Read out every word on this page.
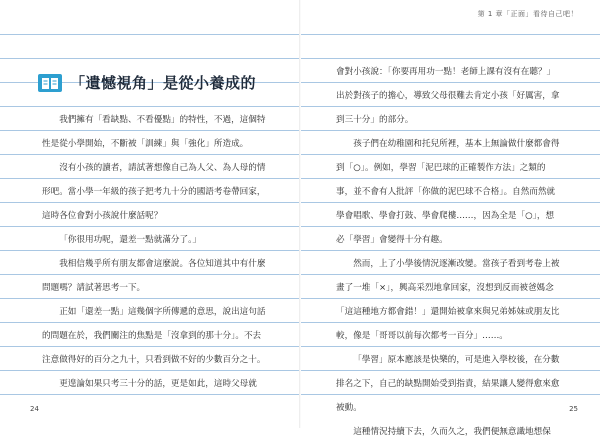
第 1 章「正面」看待自己吧！
「遺憾視角」是從小養成的

我們擁有「看缺點、不看優點」的特性，不過，這個特性是從小學開始，不斷被「訓練」與「強化」所造成。

沒有小孩的讀者，請試著想像自己為人父、為人母的情形吧。當小學一年級的孩子把考九十分的國語考卷帶回家，這時各位會對小孩說什麼話呢？

「你很用功呢，還差一點就滿分了。」

我相信幾乎所有朋友都會這麼說。各位知道其中有什麼問題嗎？請試著思考一下。

正如「還差一點」這幾個字所傳遞的意思，說出這句話的問題在於，我們關注的焦點是「沒拿到的那十分」。不去注意做得好的百分之九十，只看到做不好的少數百分之十。

更遑論如果只考三十分的話，更是如此，這時父母就

會對小孩說：「你要再用功一點！老師上課有沒有在聽？」出於對孩子的擔心，導致父母很難去肯定小孩「好厲害，拿到三十分」的部分。

孩子們在幼稚園和托兒所裡，基本上無論做什麼都會得到「○」。例如，學習「泥巴球的正確製作方法」之類的事，並不會有人批評「你做的泥巴球不合格」。自然而然就學會唱歌、學會打鼓、學會爬樓……，因為全是「○」，想必「學習」會變得十分有趣。

然而，上了小學後情況逐漸改變。當孩子看到考卷上被畫了一堆「×」，興高采烈地拿回家，沒想到反而被爸媽念「這這種地方都會錯！」還開始被拿來與兄弟姊妹或朋友比較，像是「哥哥以前每次都考一百分」……。

「學習」原本應該是快樂的，可是進入學校後，在分數排名之下，自己的缺點開始受到指責，結果讓人變得愈來愈被動。

這種情況持續下去，久而久之，我們便無意識地想保

24	25
